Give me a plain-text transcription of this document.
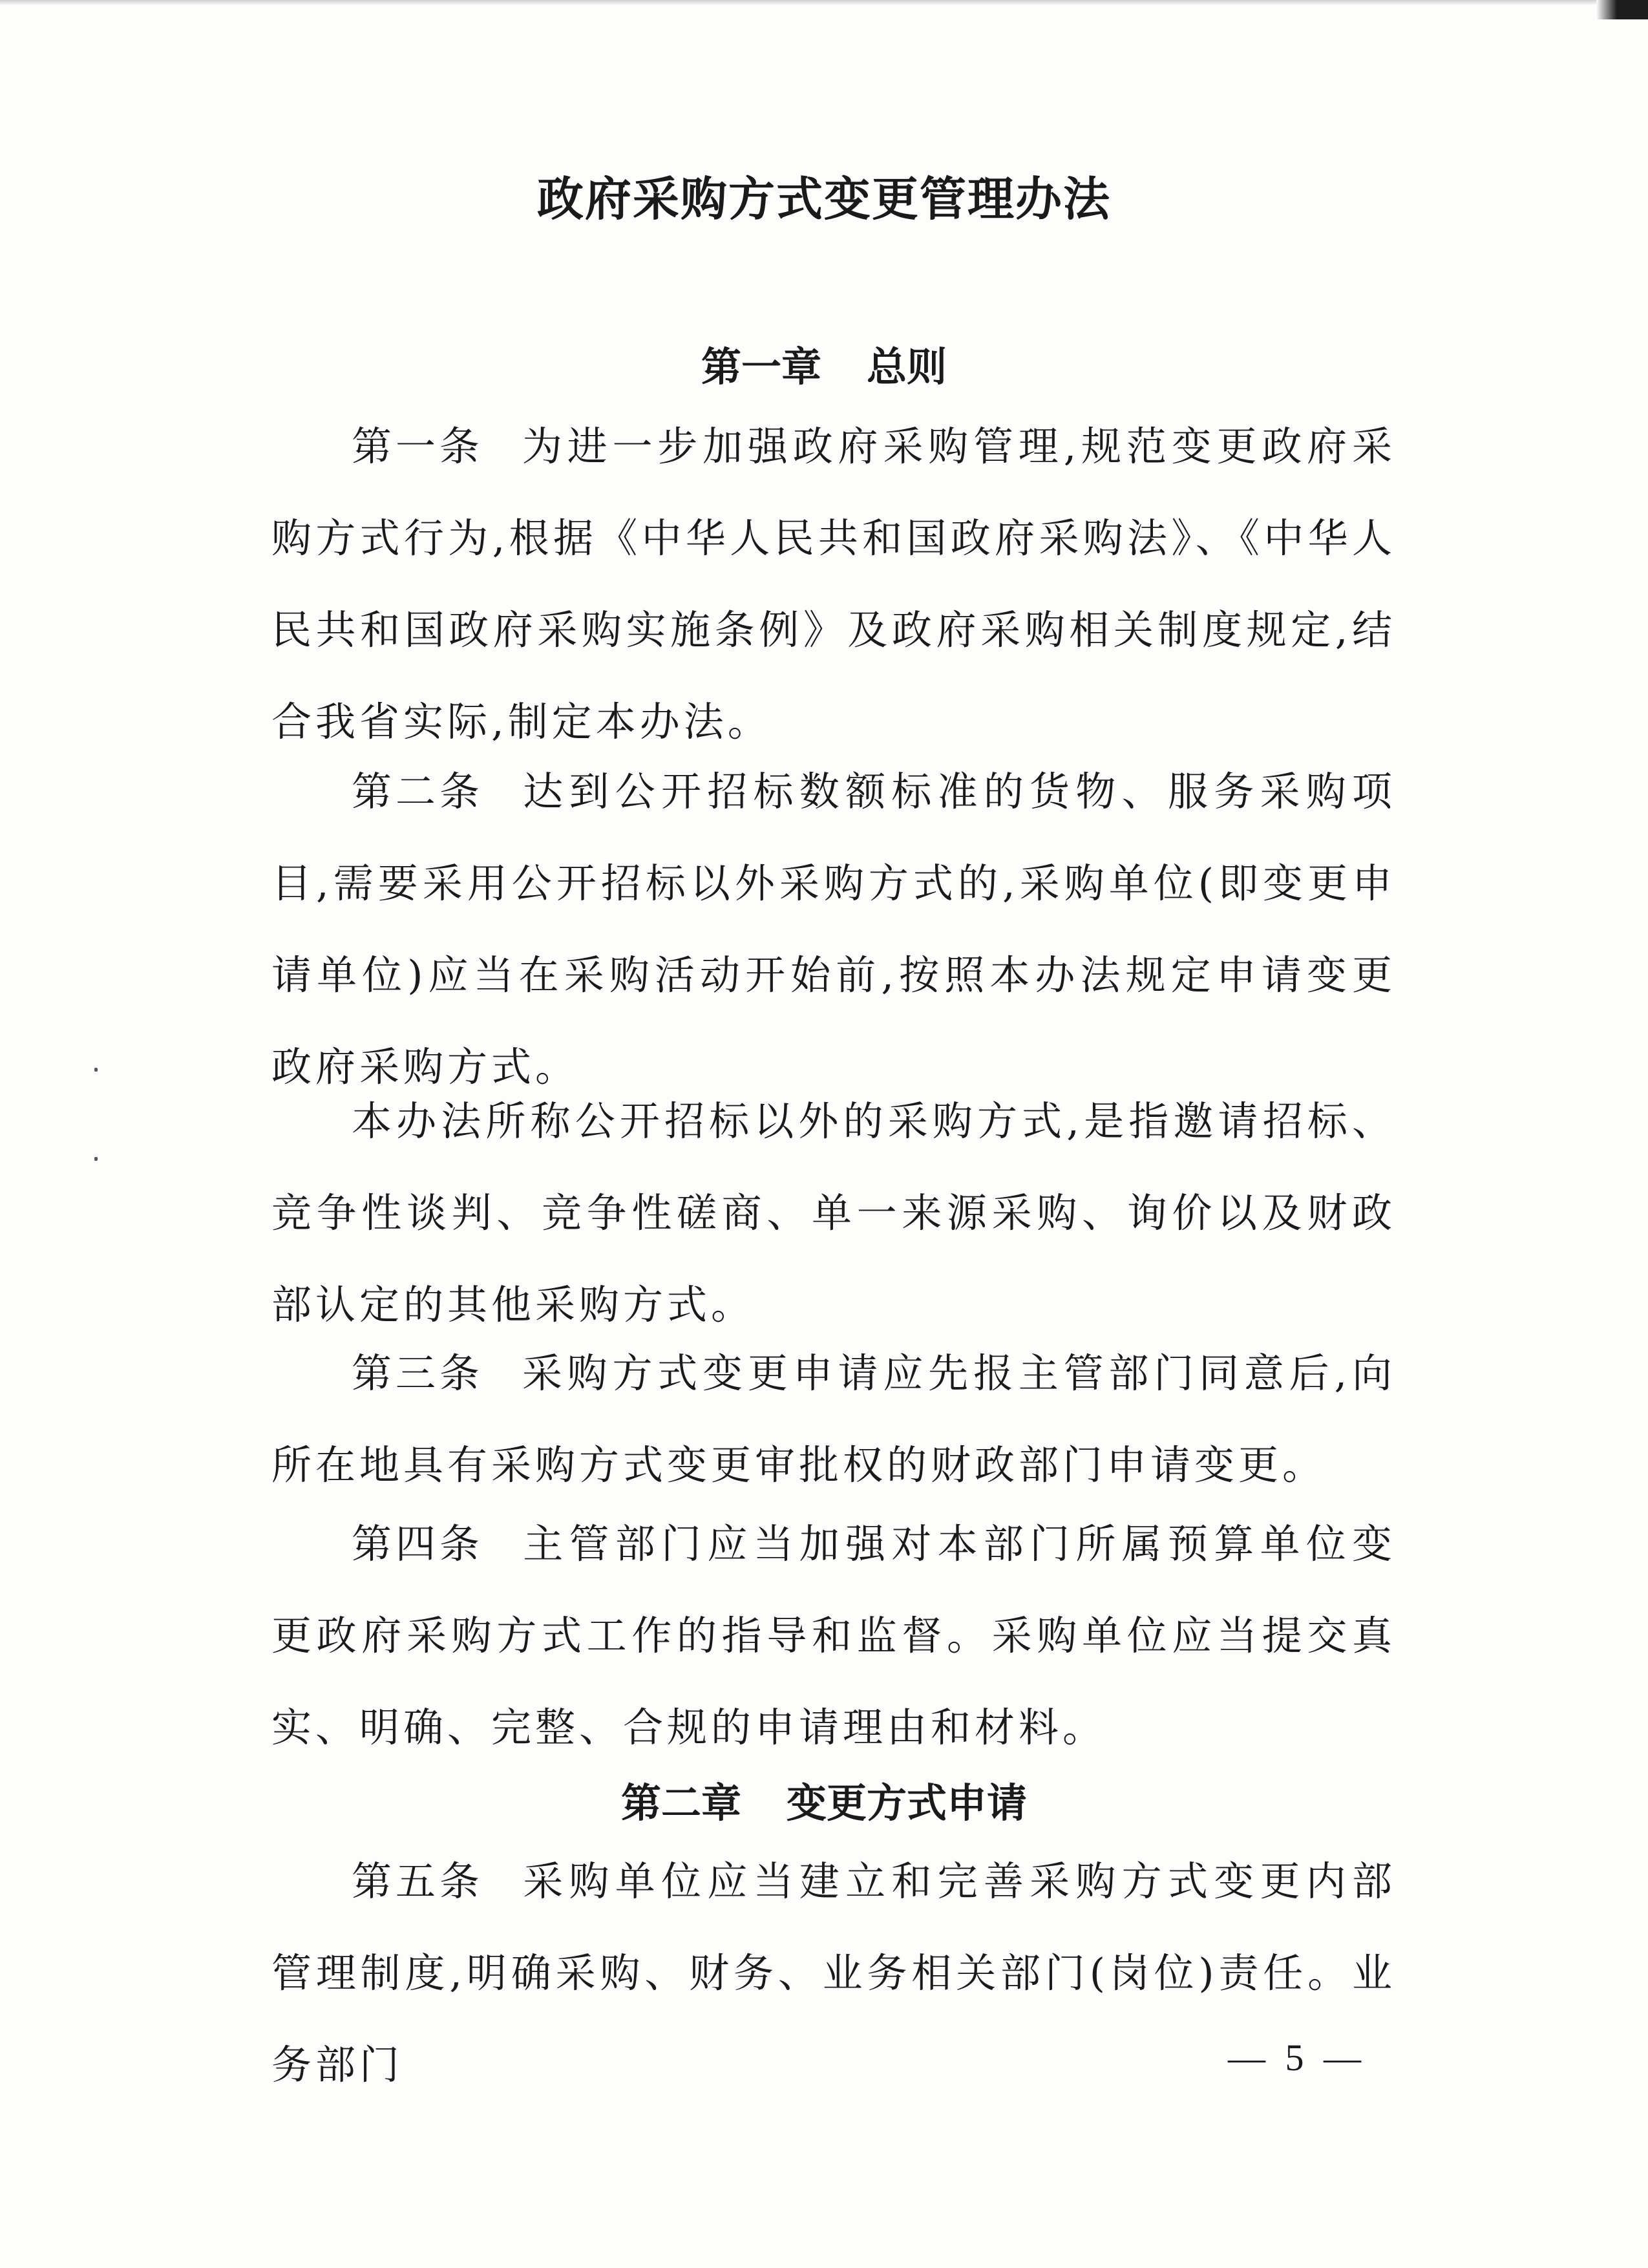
政府采购方式变更管理办法
第一章 总则
第一条 为进一步加强政府采购管理,规范变更政府采购方式行为,根据《中华人民共和国政府采购法》、《中华人民共和国政府采购实施条例》及政府采购相关制度规定,结合我省实际,制定本办法。
第二条 达到公开招标数额标准的货物、服务采购项目,需要采用公开招标以外采购方式的,采购单位(即变更申请单位)应当在采购活动开始前,按照本办法规定申请变更政府采购方式。
本办法所称公开招标以外的采购方式,是指邀请招标、竞争性谈判、竞争性磋商、单一来源采购、询价以及财政部认定的其他采购方式。
第三条 采购方式变更申请应先报主管部门同意后,向所在地具有采购方式变更审批权的财政部门申请变更。
第四条 主管部门应当加强对本部门所属预算单位变更政府采购方式工作的指导和监督。采购单位应当提交真实、明确、完整、合规的申请理由和材料。
第二章 变更方式申请
第五条 采购单位应当建立和完善采购方式变更内部管理制度,明确采购、财务、业务相关部门(岗位)责任。业务部门	— 5 —
